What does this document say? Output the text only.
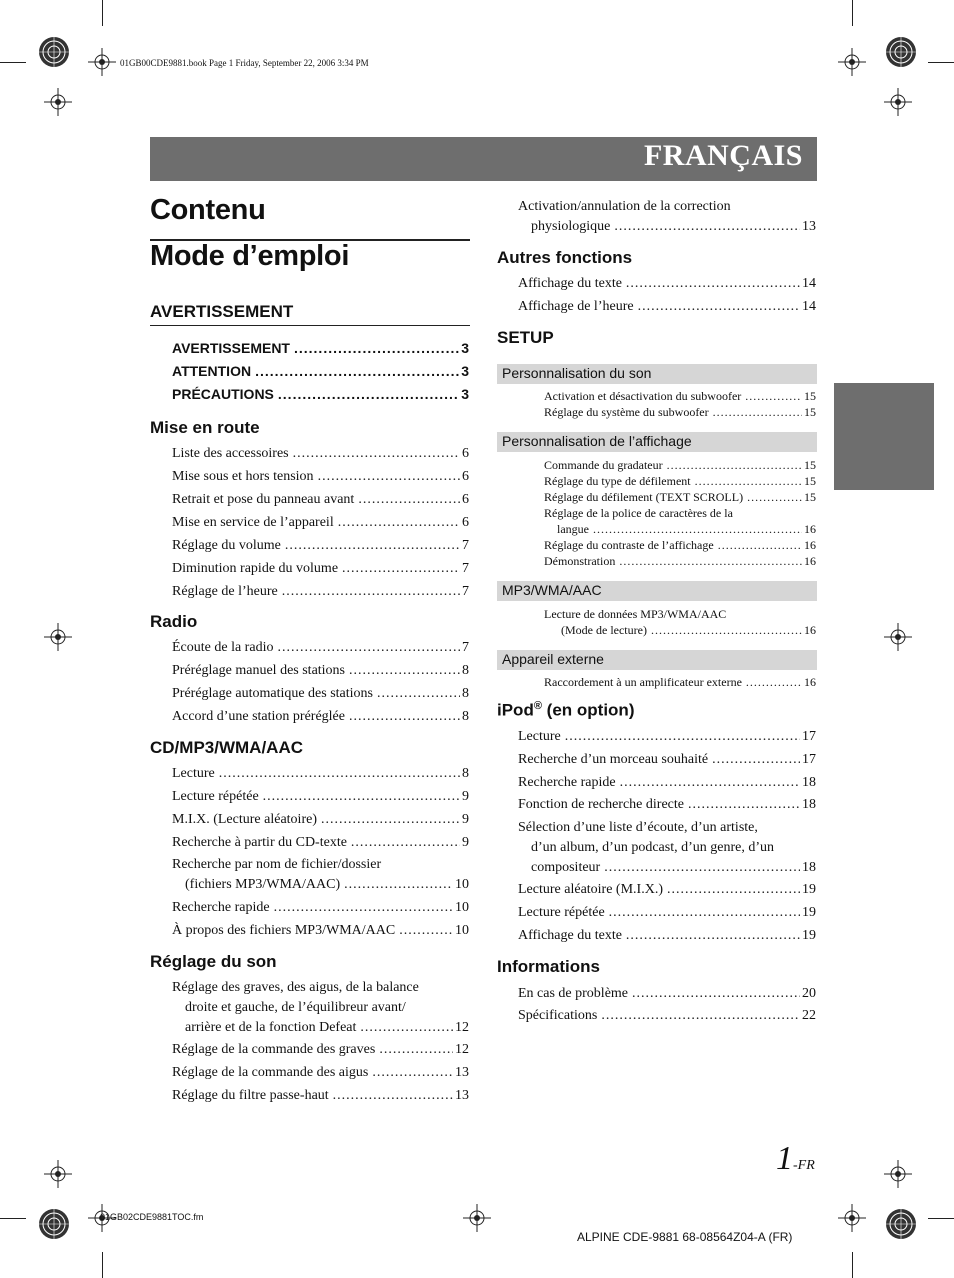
01GB00CDE9881.book Page 1 Friday, September 22, 2006 3:34 PM
01GB02CDE9881TOC.fm
ALPINE CDE-9881 68-08564Z04-A (FR)
FRANÇAIS
Contenu
Mode d’emploi
AVERTISSEMENT
AVERTISSEMENT .....	3
ATTENTION .....	3
PRÉCAUTIONS .....	3
Mise en route
Liste des accessoires .....	6
Mise sous et hors tension .....	6
Retrait et pose du panneau avant .....	6
Mise en service de l’appareil .....	6
Réglage du volume .....	7
Diminution rapide du volume .....	7
Réglage de l’heure .....	7
Radio
Écoute de la radio .....	7
Préréglage manuel des stations .....	8
Préréglage automatique des stations .....	8
Accord d’une station préréglée .....	8
CD/MP3/WMA/AAC
Lecture .....	8
Lecture répétée .....	9
M.I.X. (Lecture aléatoire) .....	9
Recherche à partir du CD-texte .....	9
Recherche par nom de fichier/dossier
(fichiers MP3/WMA/AAC) .....	10
Recherche rapide .....	10
À propos des fichiers MP3/WMA/AAC .....	10
Réglage du son
Réglage des graves, des aigus, de la balance
droite et gauche, de l’équilibreur avant/
arrière et de la fonction Defeat .....	12
Réglage de la commande des graves .....	12
Réglage de la commande des aigus .....	13
Réglage du filtre passe-haut .....	13
Activation/annulation de la correction
physiologique .....	13
Autres fonctions
Affichage du texte .....	14
Affichage de l’heure .....	14
SETUP
Personnalisation du son
Activation et désactivation du subwoofer .....	15
Réglage du système du subwoofer .....	15
Personnalisation de l’affichage
Commande du gradateur .....	15
Réglage du type de défilement .....	15
Réglage du défilement (TEXT SCROLL) .....	15
Réglage de la police de caractères de la
langue .....	16
Réglage du contraste de l’affichage .....	16
Démonstration .....	16
MP3/WMA/AAC
Lecture de données MP3/WMA/AAC
(Mode de lecture) .....	16
Appareil externe
Raccordement à un amplificateur externe .....	16
iPod® (en option)
Lecture .....	17
Recherche d’un morceau souhaité .....	17
Recherche rapide .....	18
Fonction de recherche directe .....	18
Sélection d’une liste d’écoute, d’un artiste,
d’un album, d’un podcast, d’un genre, d’un
compositeur .....	18
Lecture aléatoire (M.I.X.) .....	19
Lecture répétée .....	19
Affichage du texte .....	19
Informations
En cas de problème .....	20
Spécifications .....	22
1-FR
